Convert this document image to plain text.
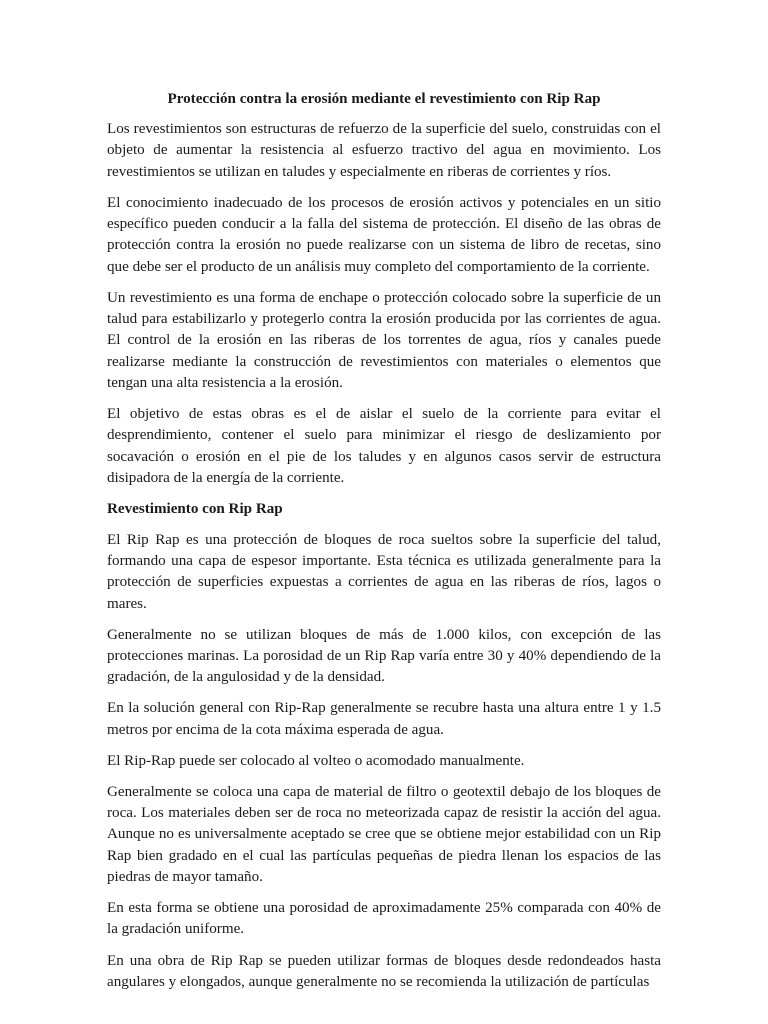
Protección contra la erosión mediante el revestimiento con Rip Rap

Los revestimientos son estructuras de refuerzo de la superficie del suelo, construidas con el objeto de aumentar la resistencia al esfuerzo tractivo del agua en movimiento. Los revestimientos se utilizan en taludes y especialmente en riberas de corrientes y ríos.

El conocimiento inadecuado de los procesos de erosión activos y potenciales en un sitio específico pueden conducir a la falla del sistema de protección. El diseño de las obras de protección contra la erosión no puede realizarse con un sistema de libro de recetas, sino que debe ser el producto de un análisis muy completo del comportamiento de la corriente.

Un revestimiento es una forma de enchape o protección colocado sobre la superficie de un talud para estabilizarlo y protegerlo contra la erosión producida por las corrientes de agua. El control de la erosión en las riberas de los torrentes de agua, ríos y canales puede realizarse mediante la construcción de revestimientos con materiales o elementos que tengan una alta resistencia a la erosión.

El objetivo de estas obras es el de aislar el suelo de la corriente para evitar el desprendimiento, contener el suelo para minimizar el riesgo de deslizamiento por socavación o erosión en el pie de los taludes y en algunos casos servir de estructura disipadora de la energía de la corriente.

Revestimiento con Rip Rap

El Rip Rap es una protección de bloques de roca sueltos sobre la superficie del talud, formando una capa de espesor importante. Esta técnica es utilizada generalmente para la protección de superficies expuestas a corrientes de agua en las riberas de ríos, lagos o mares.

Generalmente no se utilizan bloques de más de 1.000 kilos, con excepción de las protecciones marinas. La porosidad de un Rip Rap varía entre 30 y 40% dependiendo de la gradación, de la angulosidad y de la densidad.

En la solución general con Rip-Rap generalmente se recubre hasta una altura entre 1 y 1.5 metros por encima de la cota máxima esperada de agua.

El Rip-Rap puede ser colocado al volteo o acomodado manualmente.

Generalmente se coloca una capa de material de filtro o geotextil debajo de los bloques de roca. Los materiales deben ser de roca no meteorizada capaz de resistir la acción del agua. Aunque no es universalmente aceptado se cree que se obtiene mejor estabilidad con un Rip Rap bien gradado en el cual las partículas pequeñas de piedra llenan los espacios de las piedras de mayor tamaño.

En esta forma se obtiene una porosidad de aproximadamente 25% comparada con 40% de la gradación uniforme.

En una obra de Rip Rap se pueden utilizar formas de bloques desde redondeados hasta angulares y elongados, aunque generalmente no se recomienda la utilización de partículas
